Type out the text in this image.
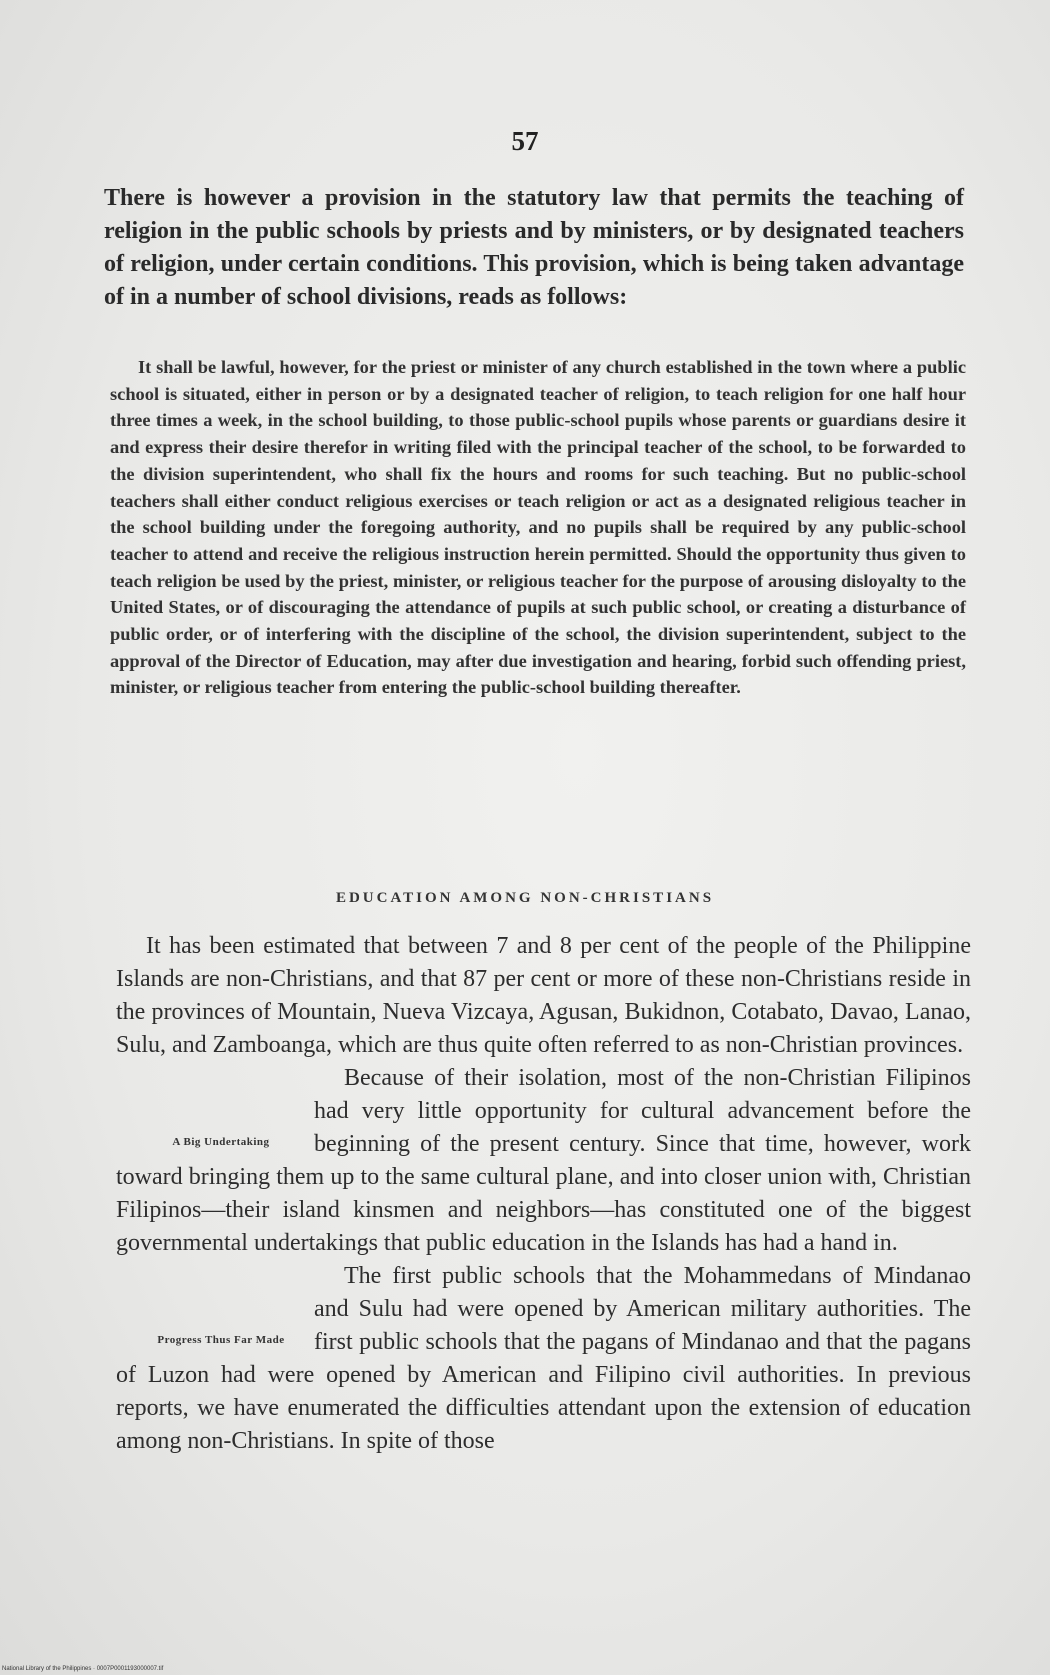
57

There is however a provision in the statutory law that permits the teaching of religion in the public schools by priests and by ministers, or by designated teachers of religion, under certain conditions. This provision, which is being taken advantage of in a number of school divisions, reads as follows:

It shall be lawful, however, for the priest or minister of any church established in the town where a public school is situated, either in person or by a designated teacher of religion, to teach religion for one half hour three times a week, in the school building, to those public-school pupils whose parents or guardians desire it and express their desire therefor in writing filed with the principal teacher of the school, to be forwarded to the division superintendent, who shall fix the hours and rooms for such teaching. But no public-school teachers shall either conduct religious exercises or teach religion or act as a designated religious teacher in the school building under the foregoing authority, and no pupils shall be required by any public-school teacher to attend and receive the religious instruction herein permitted. Should the opportunity thus given to teach religion be used by the priest, minister, or religious teacher for the purpose of arousing disloyalty to the United States, or of discouraging the attendance of pupils at such public school, or creating a disturbance of public order, or of interfering with the discipline of the school, the division superintendent, subject to the approval of the Director of Education, may after due investigation and hearing, forbid such offending priest, minister, or religious teacher from entering the public-school building thereafter.

EDUCATION AMONG NON-CHRISTIANS

It has been estimated that between 7 and 8 per cent of the people of the Philippine Islands are non-Christians, and that 87 per cent or more of these non-Christians reside in the provinces of Mountain, Nueva Vizcaya, Agusan, Bukidnon, Cotabato, Davao, Lanao, Sulu, and Zamboanga, which are thus quite often referred to as non-Christian provinces.

A Big Undertaking
Because of their isolation, most of the non-Christian Filipinos had very little opportunity for cultural advancement before the beginning of the present century. Since that time, however, work toward bringing them up to the same cultural plane, and into closer union with, Christian Filipinos—their island kinsmen and neighbors—has constituted one of the biggest governmental undertakings that public education in the Islands has had a hand in.

Progress Thus Far Made
The first public schools that the Mohammedans of Mindanao and Sulu had were opened by American military authorities. The first public schools that the pagans of Mindanao and that the pagans of Luzon had were opened by American and Filipino civil authorities. In previous reports, we have enumerated the difficulties attendant upon the extension of education among non-Christians. In spite of those

National Library of the Philippines · 0007P0001193000007.tif
